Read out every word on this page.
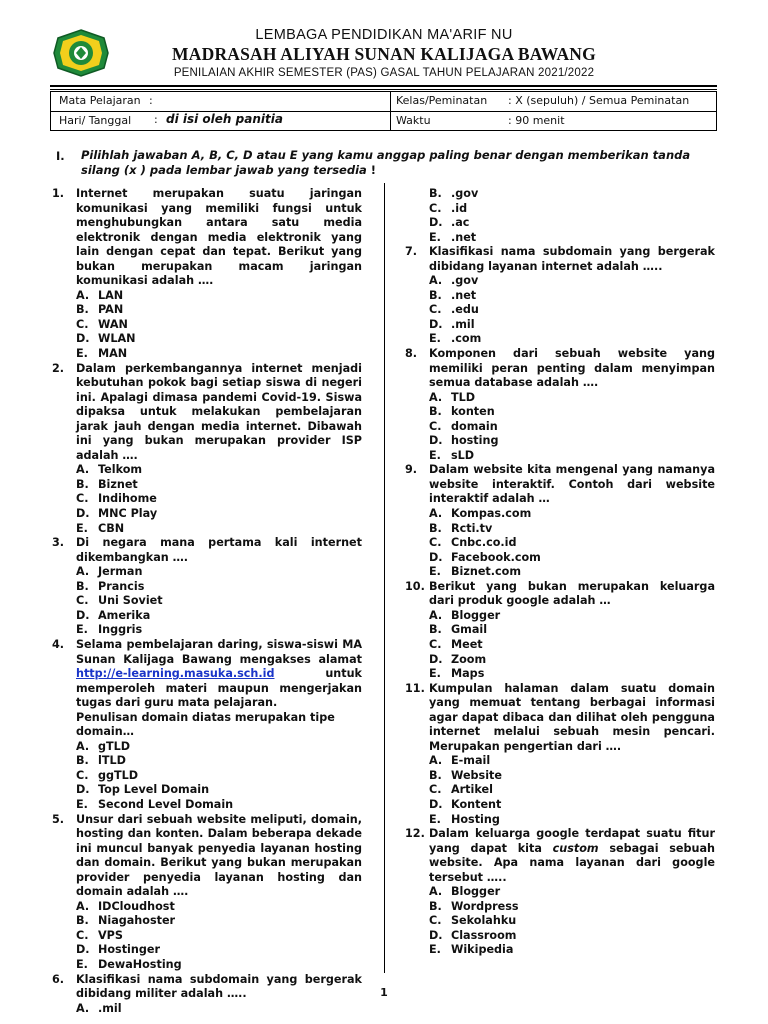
LEMBAGA PENDIDIKAN MA'ARIF NU
MADRASAH ALIYAH SUNAN KALIJAGA BAWANG
PENILAIAN AKHIR SEMESTER (PAS) GASAL TAHUN PELAJARAN 2021/2022
Mata Pelajaran :
Hari/ Tanggal : di isi oleh panitia
Kelas/Peminatan : X (sepuluh) / Semua Peminatan
Waktu	: 90 menit
I. Pilihlah jawaban A, B, C, D atau E yang kamu anggap paling benar dengan memberikan tanda silang (x ) pada lembar jawab yang tersedia !
1. Internet merupakan suatu jaringan komunikasi yang memiliki fungsi untuk menghubungkan antara satu media elektronik dengan media elektronik yang lain dengan cepat dan tepat. Berikut yang bukan merupakan macam jaringan komunikasi adalah ….
A. LAN
B. PAN
C. WAN
D. WLAN
E. MAN
2. Dalam perkembangannya internet menjadi kebutuhan pokok bagi setiap siswa di negeri ini. Apalagi dimasa pandemi Covid-19. Siswa dipaksa untuk melakukan pembelajaran jarak jauh dengan media internet. Dibawah ini yang bukan merupakan provider ISP adalah ….
A. Telkom
B. Biznet
C. Indihome
D. MNC Play
E. CBN
3. Di negara mana pertama kali internet dikembangkan ….
A. Jerman
B. Prancis
C. Uni Soviet
D. Amerika
E. Inggris
4. Selama pembelajaran daring, siswa-siswi MA Sunan Kalijaga Bawang mengakses alamat http://e-learning.masuka.sch.id	untuk memperoleh materi maupun mengerjakan tugas dari guru mata pelajaran.
Penulisan domain diatas merupakan tipe domain…
A. gTLD
B. lTLD
C. ggTLD
D. Top Level Domain
E. Second Level Domain
5. Unsur dari sebuah website meliputi, domain, hosting dan konten. Dalam beberapa dekade ini muncul banyak penyedia layanan hosting dan domain. Berikut yang bukan merupakan provider penyedia layanan hosting dan domain adalah ….
A. IDCloudhost
B. Niagahoster
C. VPS
D. Hostinger
E. DewaHosting
6. Klasifikasi nama subdomain yang bergerak dibidang militer adalah …..
A. .mil
B. .gov
C. .id
D. .ac
E. .net
7. Klasifikasi nama subdomain yang bergerak dibidang layanan internet adalah …..
A. .gov
B. .net
C. .edu
D. .mil
E. .com
8. Komponen dari sebuah website yang memiliki peran penting dalam menyimpan semua database adalah ….
A. TLD
B. konten
C. domain
D. hosting
E. sLD
9. Dalam website kita mengenal yang namanya website interaktif. Contoh dari website interaktif adalah …
A. Kompas.com
B. Rcti.tv
C. Cnbc.co.id
D. Facebook.com
E. Biznet.com
10. Berikut yang bukan merupakan keluarga dari produk google adalah …
A. Blogger
B. Gmail
C. Meet
D. Zoom
E. Maps
11. Kumpulan halaman dalam suatu domain yang memuat tentang berbagai informasi agar dapat dibaca dan dilihat oleh pengguna internet melalui sebuah mesin pencari. Merupakan pengertian dari ….
A. E-mail
B. Website
C. Artikel
D. Kontent
E. Hosting
12. Dalam keluarga google terdapat suatu fitur yang dapat kita custom sebagai sebuah website. Apa nama layanan dari google tersebut …..
A. Blogger
B. Wordpress
C. Sekolahku
D. Classroom
E. Wikipedia
1
